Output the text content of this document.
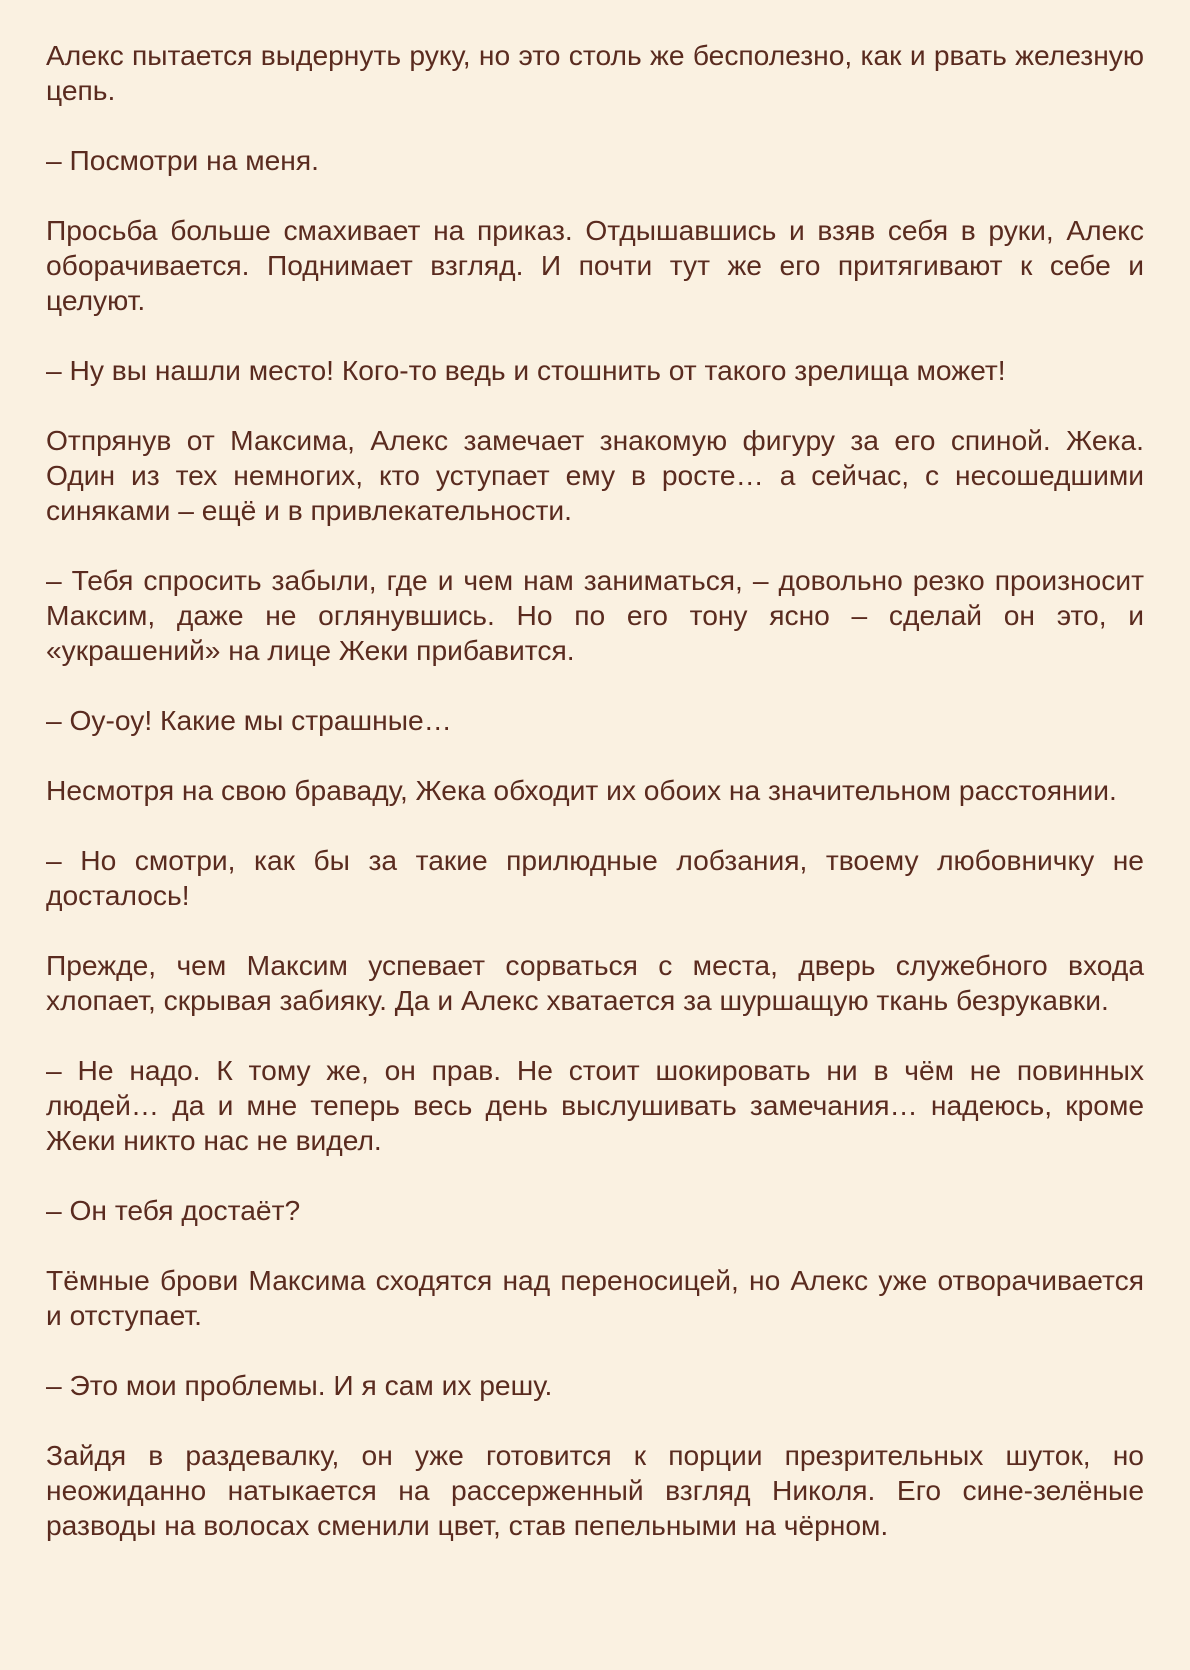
Алекс пытается выдернуть руку, но это столь же бесполезно, как и рвать железную цепь.

– Посмотри на меня.

Просьба больше смахивает на приказ. Отдышавшись и взяв себя в руки, Алекс оборачивается. Поднимает взгляд. И почти тут же его притягивают к себе и целуют.

– Ну вы нашли место! Кого-то ведь и стошнить от такого зрелища может!

Отпрянув от Максима, Алекс замечает знакомую фигуру за его спиной. Жека. Один из тех немногих, кто уступает ему в росте… а сейчас, с несошедшими синяками – ещё и в привлекательности.

– Тебя спросить забыли, где и чем нам заниматься, – довольно резко произносит Максим, даже не оглянувшись. Но по его тону ясно – сделай он это, и «украшений» на лице Жеки прибавится.

– Оу-оу! Какие мы страшные…

Несмотря на свою браваду, Жека обходит их обоих на значительном расстоянии.

– Но смотри, как бы за такие прилюдные лобзания, твоему любовничку не досталось!

Прежде, чем Максим успевает сорваться с места, дверь служебного входа хлопает, скрывая забияку. Да и Алекс хватается за шуршащую ткань безрукавки.

– Не надо. К тому же, он прав. Не стоит шокировать ни в чём не повинных людей… да и мне теперь весь день выслушивать замечания… надеюсь, кроме Жеки никто нас не видел.

– Он тебя достаёт?

Тёмные брови Максима сходятся над переносицей, но Алекс уже отворачивается и отступает.

– Это мои проблемы. И я сам их решу.

Зайдя в раздевалку, он уже готовится к порции презрительных шуток, но неожиданно натыкается на рассерженный взгляд Николя. Его сине-зелёные разводы на волосах сменили цвет, став пепельными на чёрном.
